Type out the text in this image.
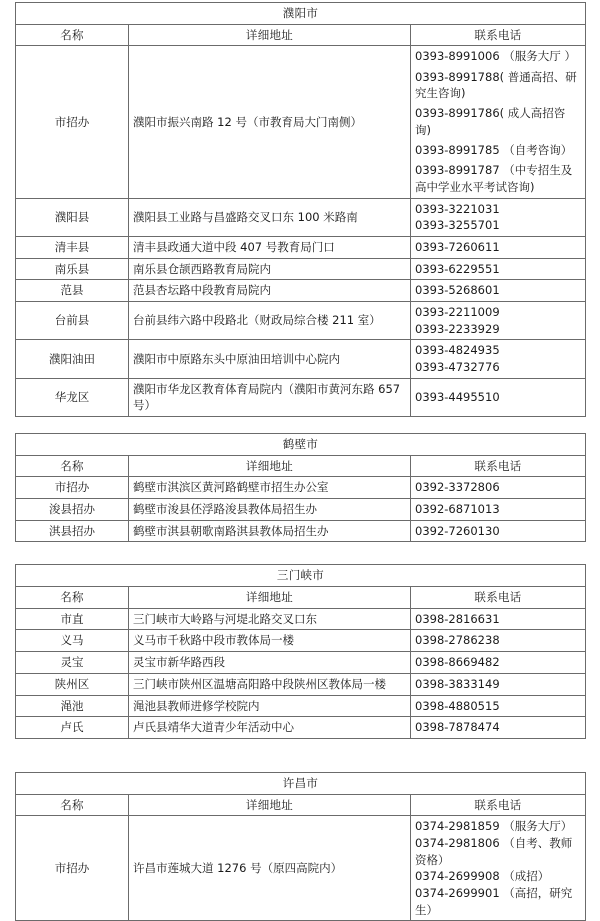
濮阳市		
名称	详细地址	联系电话
市招办	濮阳市振兴南路 12 号（市教育局大门南侧）	0393-8991006 （服务大厅 ）
0393-8991788( 普通高招、研究生咨询)
0393-8991786( 成人高招咨询)
0393-8991785 （自考咨询）
0393-8991787 （中专招生及高中学业水平考试咨询)

濮阳县	濮阳县工业路与昌盛路交叉口东 100 米路南	0393-3221031
0393-3255701

清丰县	清丰县政通大道中段 407 号教育局门口	0393-7260611

南乐县	南乐县仓颉西路教育局院内	0393-6229551

范县	范县杏坛路中段教育局院内	0393-5268601

台前县	台前县纬六路中段路北（财政局综合楼 211 室）	0393-2211009
0393-2233929

濮阳油田	濮阳市中原路东头中原油田培训中心院内	0393-4824935
0393-4732776

华龙区	濮阳市华龙区教育体育局院内（濮阳市黄河东路 657 号）	0393-4495510
鹤壁市		
名称	详细地址	联系电话
市招办	鹤壁市淇滨区黄河路鹤壁市招生办公室	0392-3372806

浚县招办	鹤壁市浚县伾浮路浚县教体局招生办	0392-6871013

淇县招办	鹤壁市淇县朝歌南路淇县教体局招生办	0392-7260130
三门峡市		
名称	详细地址	联系电话
市直	三门峡市大岭路与河堤北路交叉口东	0398-2816631

义马	义马市千秋路中段市教体局一楼	0398-2786238

灵宝	灵宝市新华路西段	0398-8669482

陕州区	三门峡市陕州区温塘高阳路中段陕州区教体局一楼	0398-3833149

渑池	渑池县教师进修学校院内	0398-4880515

卢氏	卢氏县靖华大道青少年活动中心	0398-7878474
许昌市		
名称	详细地址	联系电话
市招办	许昌市莲城大道 1276 号（原四高院内）	0374-2981859 （服务大厅）
0374-2981806 （自考、教师资格）
0374-2699908 （成招）
0374-2699901 （高招，研究生）
